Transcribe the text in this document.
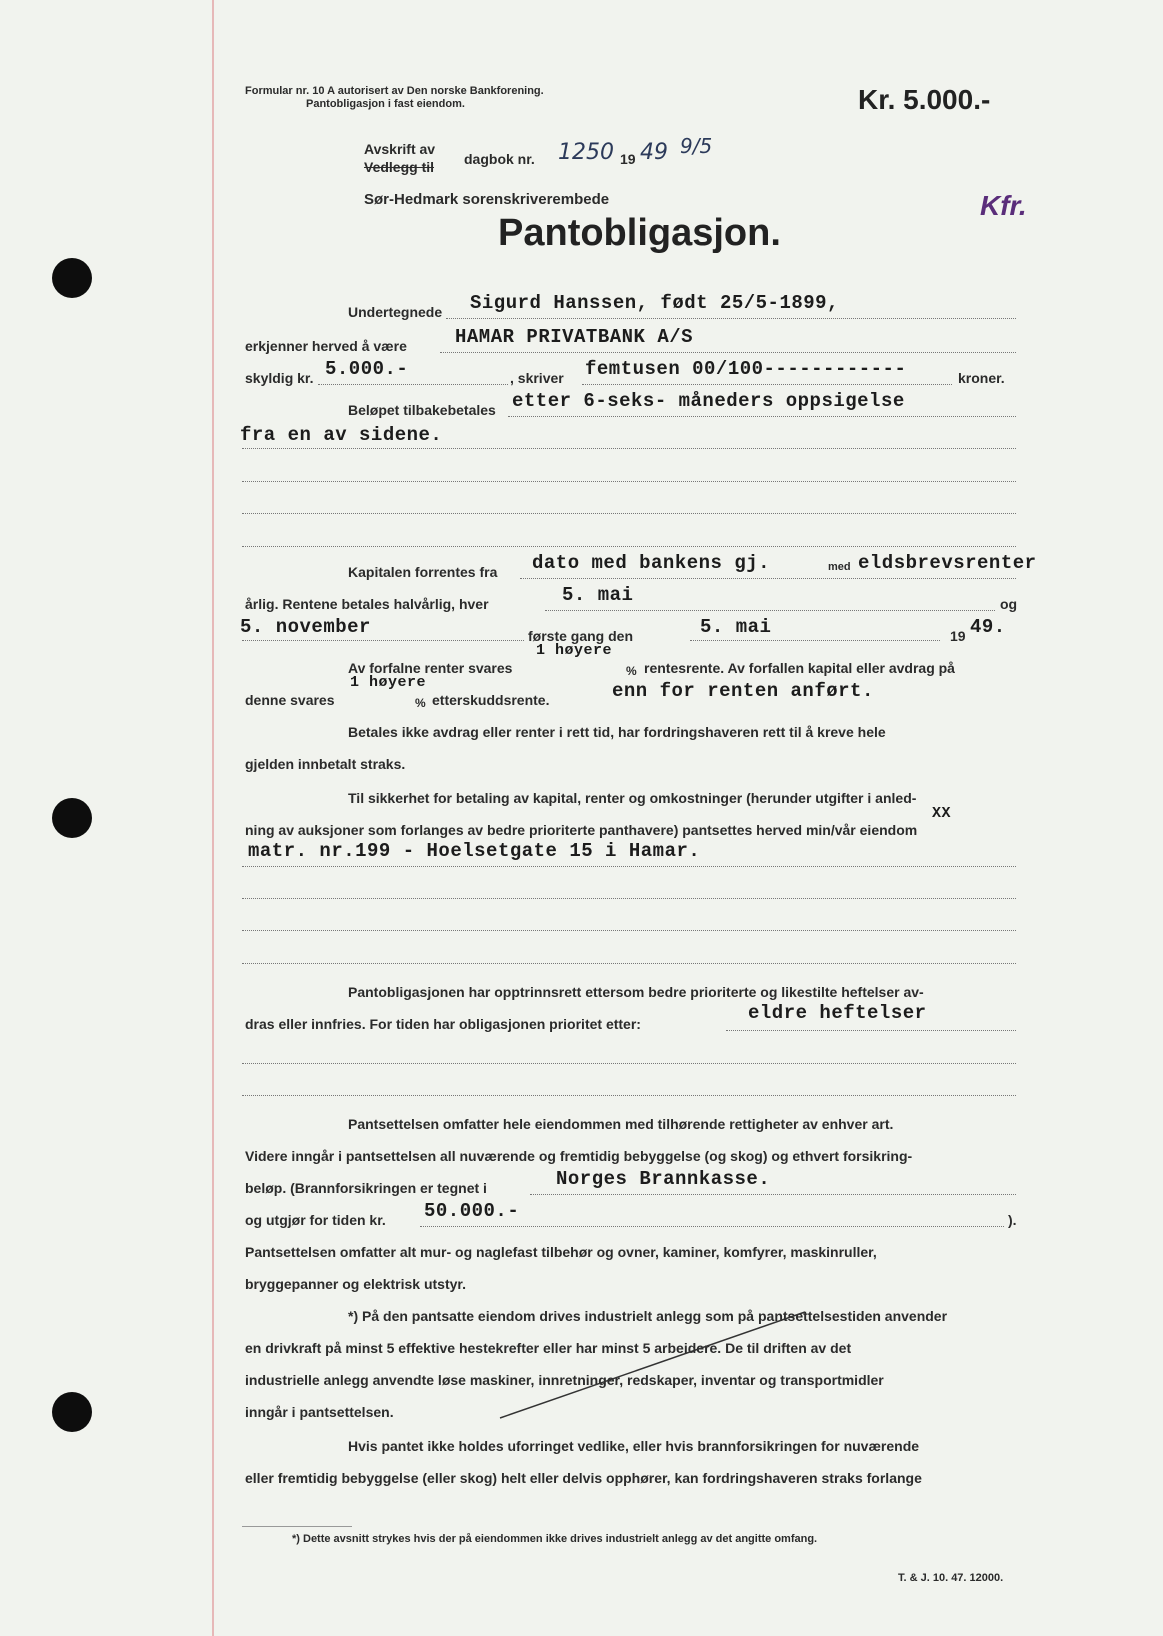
Formular nr. 10 A autorisert av Den norske Bankforening.
Pantobligasjon i fast eiendom.	Kr. 5.000.-
Avskrift av
Vedlegg til dagbok nr. 1250 19 49 9/5
Sør-Hedmark sorenskriverembede	Kfr.
Pantobligasjon.
Undertegnede Sigurd Hanssen, født 25/5-1899,
erkjenner herved å være	HAMAR PRIVATBANK A/S
skyldig kr. 5.000.-	, skriver femtusen 00/100------------	kroner.
Beløpet tilbakebetales etter 6-seks- måneders oppsigelse
fra en av sidene.
Kapitalen forrentes fra dato med bankens gj.	med eldsbrevsrenter
årlig. Rentene betales halvårlig, hver	5. mai	og
5. november	første gang den	5. mai	19 49.
Av forfalne renter svares
1 høyere
% rentesrente. Av forfallen kapital eller avdrag på
denne svares
1 høyere
% etterskuddsrente.	enn for renten anført.
Betales ikke avdrag eller renter i rett tid, har fordringshaveren rett til å kreve hele
gjelden innbetalt straks.
Til sikkerhet for betaling av kapital, renter og omkostninger (herunder utgifter i anled-
ning av auksjoner som forlanges av bedre prioriterte panthavere) pantsettes herved min/vår eiendom
XX
matr. nr.199 - Hoelsetgate 15 i Hamar.
Pantobligasjonen har opptrinnsrett ettersom bedre prioriterte og likestilte heftelser av-
dras eller innfries. For tiden har obligasjonen prioritet etter:	eldre heftelser
Pantsettelsen omfatter hele eiendommen med tilhørende rettigheter av enhver art.
Videre inngår i pantsettelsen all nuværende og fremtidig bebyggelse (og skog) og ethvert forsikring-
beløp. (Brannforsikringen er tegnet i	Norges Brannkasse.
og utgjør for tiden kr. 50.000.-	).
Pantsettelsen omfatter alt mur- og naglefast tilbehør og ovner, kaminer, komfyrer, maskinruller,
bryggepanner og elektrisk utstyr.
*) På den pantsatte eiendom drives industrielt anlegg som på pantsettelsestiden anvender
en drivkraft på minst 5 effektive hestekrefter eller har minst 5 arbeidere. De til driften av det
industrielle anlegg anvendte løse maskiner, innretninger, redskaper, inventar og transportmidler
inngår i pantsettelsen.
Hvis pantet ikke holdes uforringet vedlike, eller hvis brannforsikringen for nuværende
eller fremtidig bebyggelse (eller skog) helt eller delvis opphører, kan fordringshaveren straks forlange
*) Dette avsnitt strykes hvis der på eiendommen ikke drives industrielt anlegg av det angitte omfang.
T. & J. 10. 47. 12000.
